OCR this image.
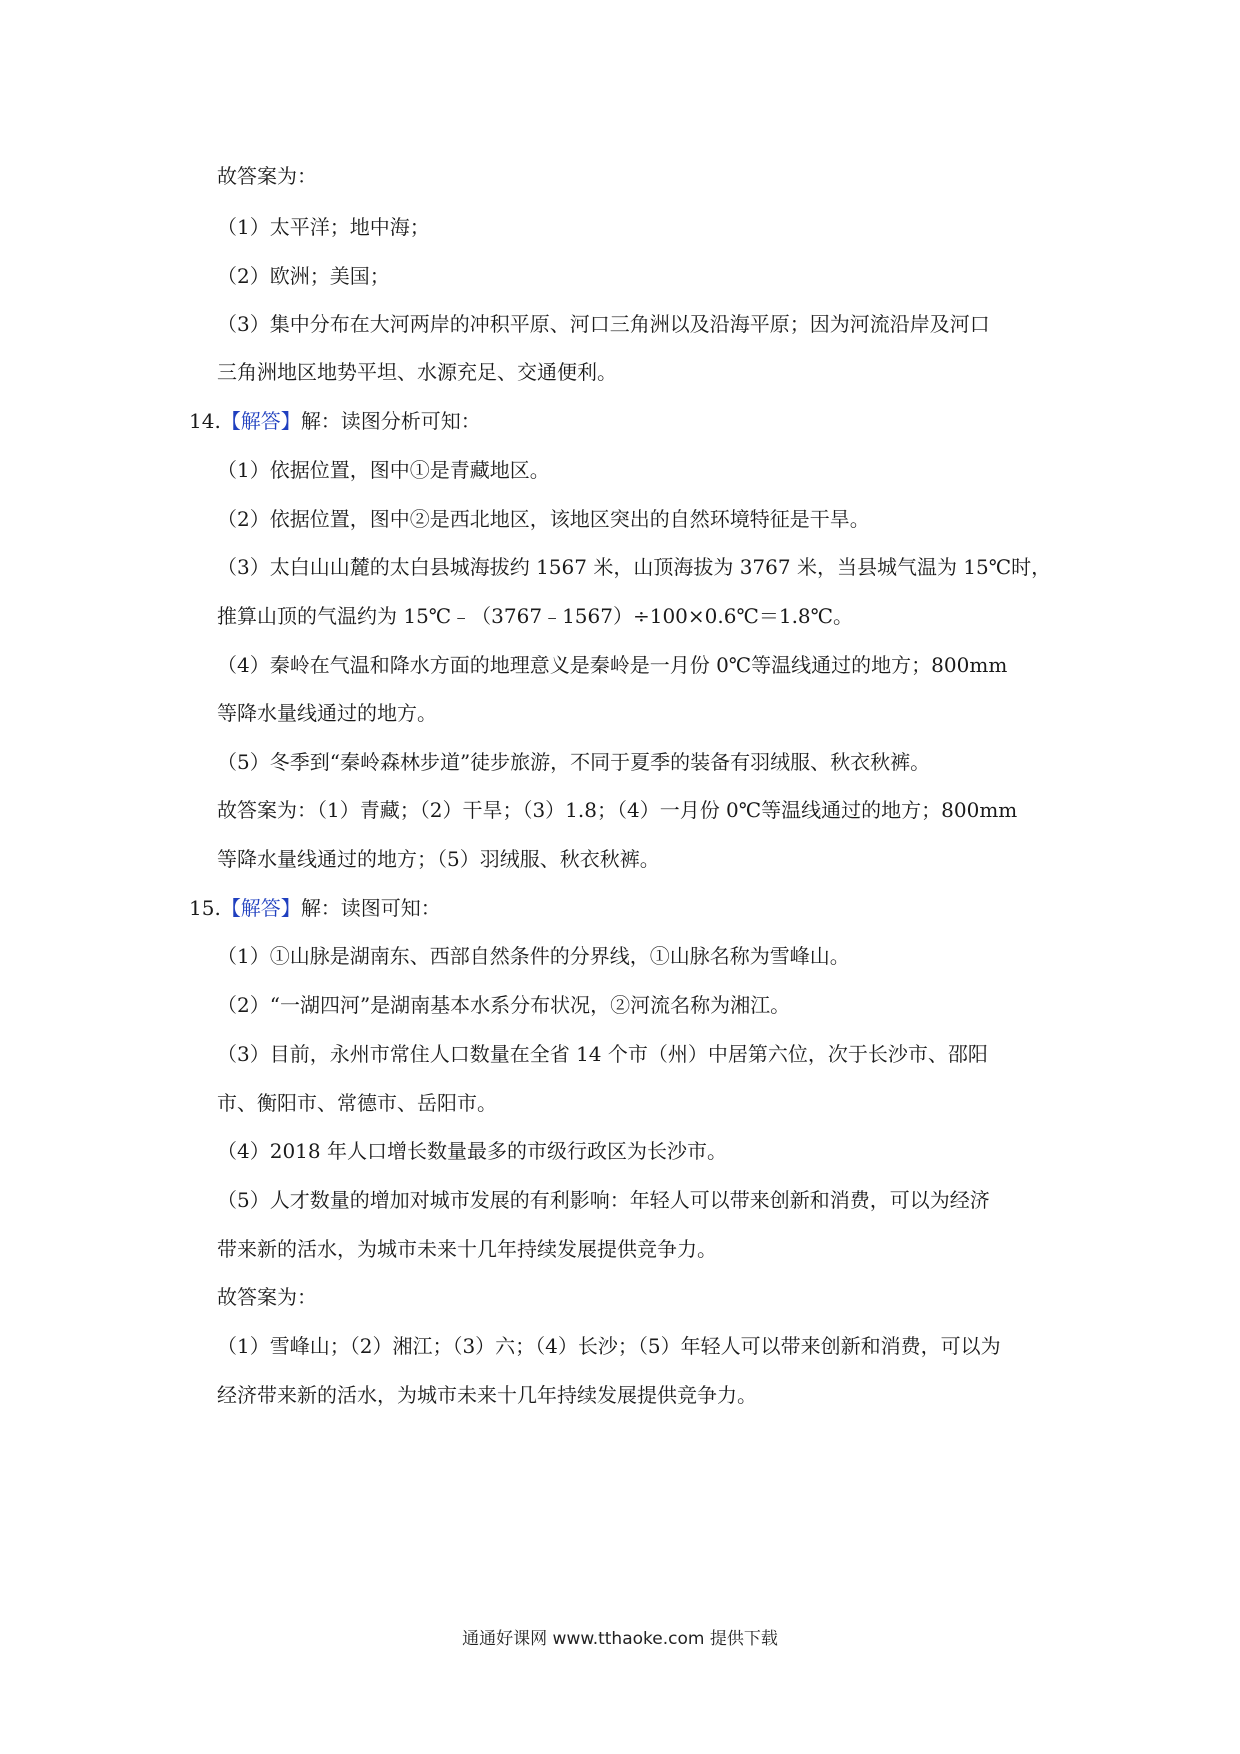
故答案为：
（1）太平洋；地中海；
（2）欧洲；美国；
（3）集中分布在大河两岸的冲积平原、河口三角洲以及沿海平原；因为河流沿岸及河口
三角洲地区地势平坦、水源充足、交通便利。
14.【解答】解：读图分析可知：
（1）依据位置，图中①是青藏地区。
（2）依据位置，图中②是西北地区，该地区突出的自然环境特征是干旱。
（3）太白山山麓的太白县城海拔约 1567 米，山顶海拔为 3767 米，当县城气温为 15℃时，
推算山顶的气温约为 15℃﹣（3767﹣1567）÷100×0.6℃＝1.8℃。
（4）秦岭在气温和降水方面的地理意义是秦岭是一月份 0℃等温线通过的地方；800mm
等降水量线通过的地方。
（5）冬季到“秦岭森林步道”徒步旅游，不同于夏季的装备有羽绒服、秋衣秋裤。
故答案为：（1）青藏；（2）干旱；（3）1.8；（4）一月份 0℃等温线通过的地方；800mm
等降水量线通过的地方；（5）羽绒服、秋衣秋裤。
15.【解答】解：读图可知：
（1）①山脉是湖南东、西部自然条件的分界线，①山脉名称为雪峰山。
（2）“一湖四河”是湖南基本水系分布状况，②河流名称为湘江。
（3）目前，永州市常住人口数量在全省 14 个市（州）中居第六位，次于长沙市、邵阳
市、衡阳市、常德市、岳阳市。
（4）2018 年人口增长数量最多的市级行政区为长沙市。
（5）人才数量的增加对城市发展的有利影响：年轻人可以带来创新和消费，可以为经济
带来新的活水，为城市未来十几年持续发展提供竞争力。
故答案为：
（1）雪峰山；（2）湘江；（3）六；（4）长沙；（5）年轻人可以带来创新和消费，可以为
经济带来新的活水，为城市未来十几年持续发展提供竞争力。
通通好课网 www.tthaoke.com 提供下载
